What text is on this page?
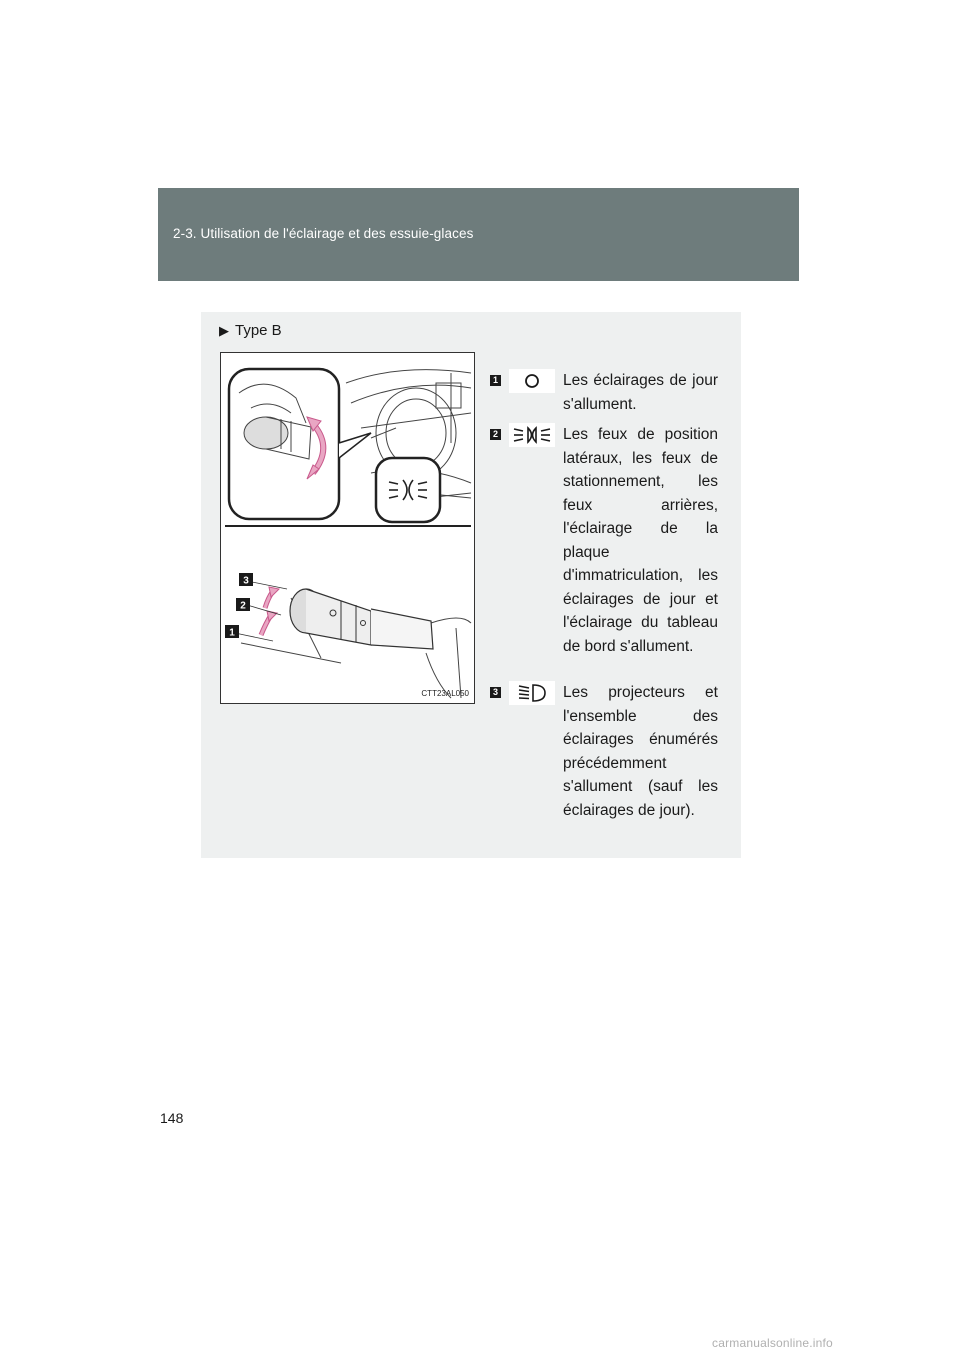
2-3. Utilisation de l'éclairage et des essuie-glaces
▶ Type B
3
2
1
CTT23AL050
1	Les éclairages de jour s'allument.
2	Les feux de position latéraux, les feux de stationnement, les feux arrières, l'éclairage de la plaque d'immatriculation, les éclairages de jour et l'éclairage du tableau de bord s'allument.
3	Les projecteurs et l'ensemble des éclairages énumérés précédemment s'allument (sauf les éclairages de jour).
148
carmanualsonline.info
